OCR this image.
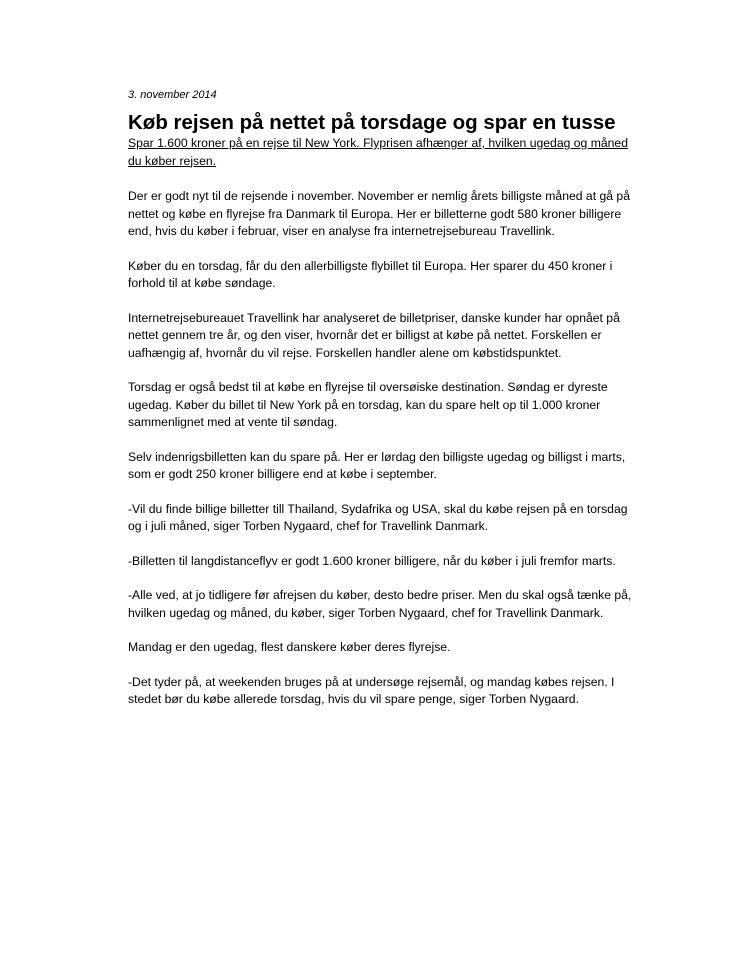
3. november 2014

Køb rejsen på nettet på torsdage og spar en tusse

Spar 1.600 kroner på en rejse til New York. Flyprisen afhænger af, hvilken ugedag og måned du køber rejsen.

Der er godt nyt til de rejsende i november. November er nemlig årets billigste måned at gå på nettet og købe en flyrejse fra Danmark til Europa. Her er billetterne godt 580 kroner billigere end, hvis du køber i februar, viser en analyse fra internetrejsebureau Travellink.

Køber du en torsdag, får du den allerbilligste flybillet til Europa. Her sparer du 450 kroner i forhold til at købe søndage.

Internetrejsebureauet Travellink har analyseret de billetpriser, danske kunder har opnået på nettet gennem tre år, og den viser, hvornår det er billigst at købe på nettet. Forskellen er uafhængig af, hvornår du vil rejse. Forskellen handler alene om købstidspunktet.

Torsdag er også bedst til at købe en flyrejse til oversøiske destination. Søndag er dyreste ugedag. Køber du billet til New York på en torsdag, kan du spare helt op til 1.000 kroner sammenlignet med at vente til søndag.

Selv indenrigsbilletten kan du spare på. Her er lørdag den billigste ugedag og billigst i marts, som er godt 250 kroner billigere end at købe i september.

-Vil du finde billige billetter till Thailand, Sydafrika og USA, skal du købe rejsen på en torsdag og i juli måned, siger Torben Nygaard, chef for Travellink Danmark.

-Billetten til langdistanceflyv er godt 1.600 kroner billigere, når du køber i juli fremfor marts.

-Alle ved, at jo tidligere før afrejsen du køber, desto bedre priser. Men du skal også tænke på, hvilken ugedag og måned, du køber, siger Torben Nygaard, chef for Travellink Danmark.

Mandag er den ugedag, flest danskere køber deres flyrejse.

-Det tyder på, at weekenden bruges på at undersøge rejsemål, og mandag købes rejsen. I stedet bør du købe allerede torsdag, hvis du vil spare penge, siger Torben Nygaard.
